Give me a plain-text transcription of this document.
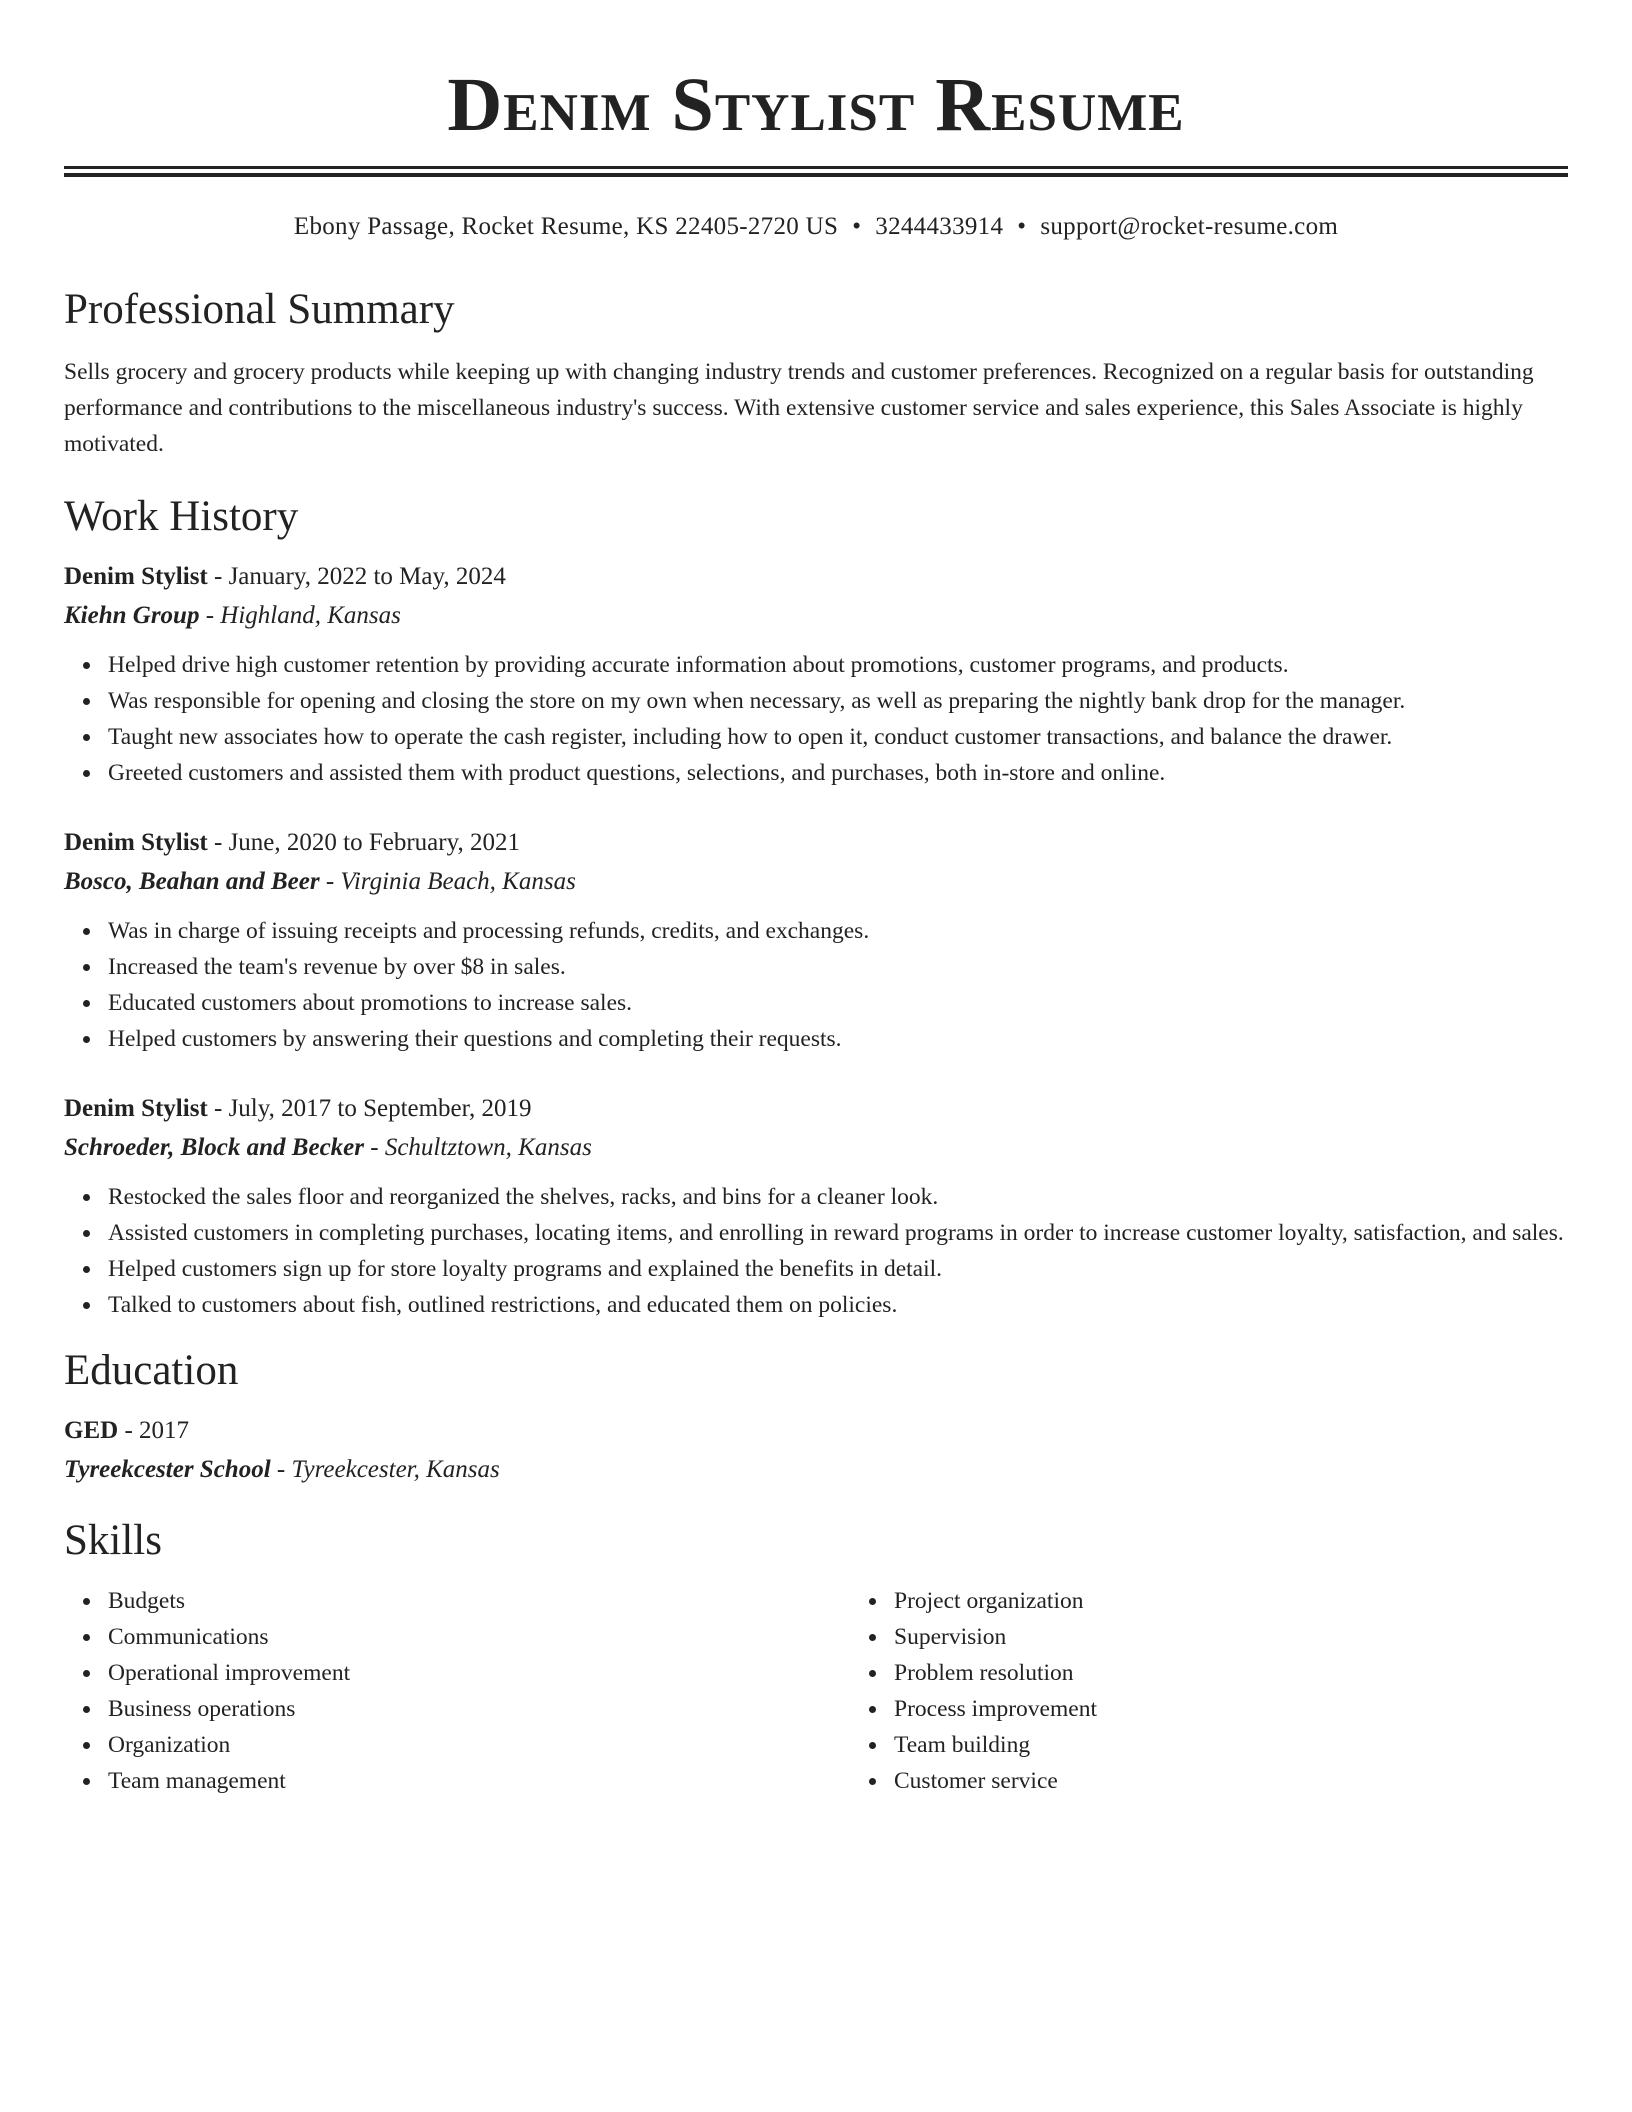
Denim Stylist Resume
Ebony Passage, Rocket Resume, KS 22405-2720 US • 3244433914 • support@rocket-resume.com
Professional Summary

Sells grocery and grocery products while keeping up with changing industry trends and customer preferences. Recognized on a regular basis for outstanding performance and contributions to the miscellaneous industry's success. With extensive customer service and sales experience, this Sales Associate is highly motivated.

Work History
Denim Stylist - January, 2022 to May, 2024
Kiehn Group - Highland, Kansas
Helped drive high customer retention by providing accurate information about promotions, customer programs, and products.
Was responsible for opening and closing the store on my own when necessary, as well as preparing the nightly bank drop for the manager.
Taught new associates how to operate the cash register, including how to open it, conduct customer transactions, and balance the drawer.
Greeted customers and assisted them with product questions, selections, and purchases, both in-store and online.
Denim Stylist - June, 2020 to February, 2021
Bosco, Beahan and Beer - Virginia Beach, Kansas
Was in charge of issuing receipts and processing refunds, credits, and exchanges.
Increased the team's revenue by over $8 in sales.
Educated customers about promotions to increase sales.
Helped customers by answering their questions and completing their requests.
Denim Stylist - July, 2017 to September, 2019
Schroeder, Block and Becker - Schultztown, Kansas
Restocked the sales floor and reorganized the shelves, racks, and bins for a cleaner look.
Assisted customers in completing purchases, locating items, and enrolling in reward programs in order to increase customer loyalty, satisfaction, and sales.
Helped customers sign up for store loyalty programs and explained the benefits in detail.
Talked to customers about fish, outlined restrictions, and educated them on policies.
Education
GED - 2017
Tyreekcester School - Tyreekcester, Kansas
Skills
Budgets
Communications
Operational improvement
Business operations
Organization
Team management
Project organization
Supervision
Problem resolution
Process improvement
Team building
Customer service
